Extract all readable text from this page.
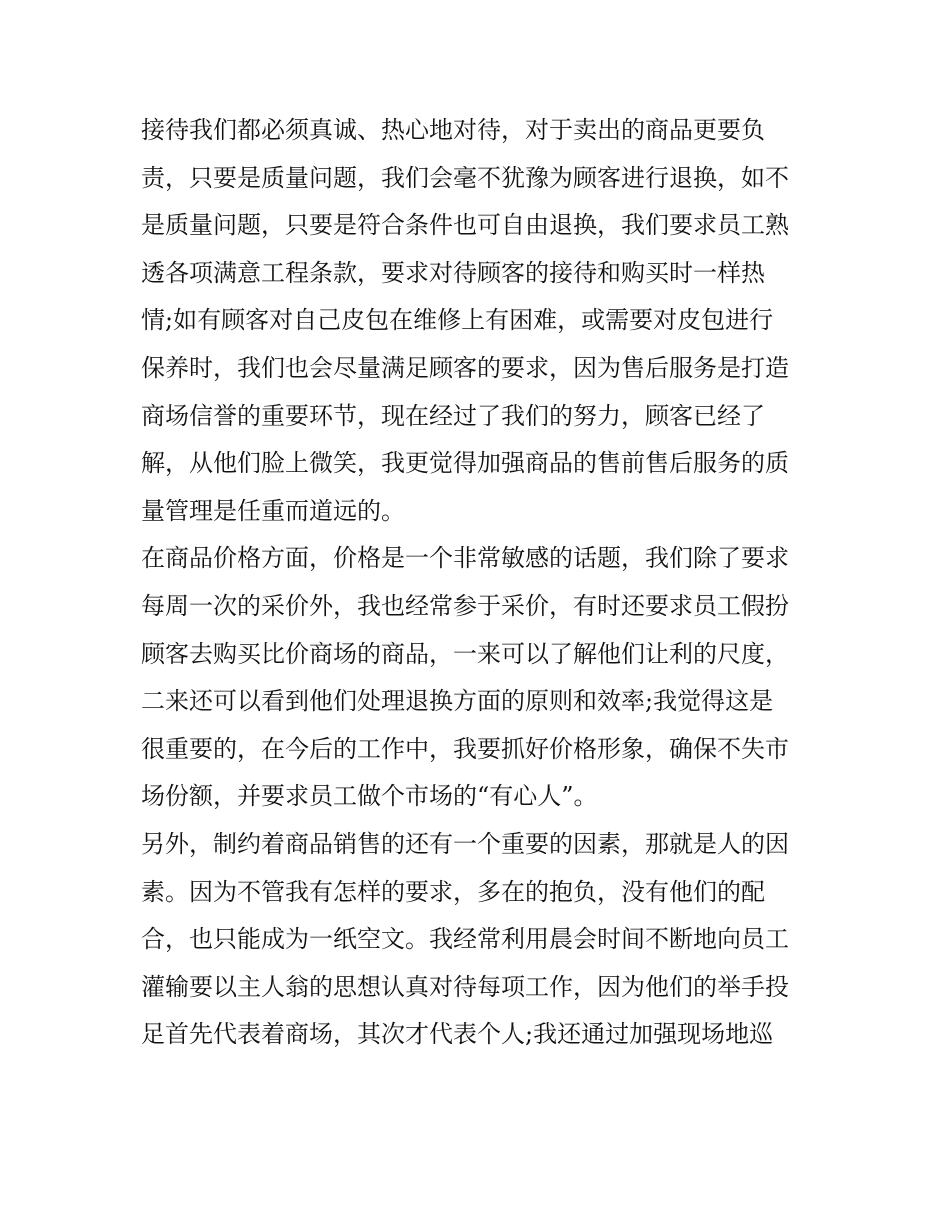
接待我们都必须真诚、热心地对待，对于卖出的商品更要负
责，只要是质量问题，我们会毫不犹豫为顾客进行退换，如不
是质量问题，只要是符合条件也可自由退换，我们要求员工熟
透各项满意工程条款，要求对待顾客的接待和购买时一样热
情;如有顾客对自己皮包在维修上有困难，或需要对皮包进行
保养时，我们也会尽量满足顾客的要求，因为售后服务是打造
商场信誉的重要环节，现在经过了我们的努力，顾客已经了
解，从他们脸上微笑，我更觉得加强商品的售前售后服务的质
量管理是任重而道远的。
在商品价格方面，价格是一个非常敏感的话题，我们除了要求
每周一次的采价外，我也经常参于采价，有时还要求员工假扮
顾客去购买比价商场的商品，一来可以了解他们让利的尺度，
二来还可以看到他们处理退换方面的原则和效率;我觉得这是
很重要的，在今后的工作中，我要抓好价格形象，确保不失市
场份额，并要求员工做个市场的“有心人”。
另外，制约着商品销售的还有一个重要的因素，那就是人的因
素。因为不管我有怎样的要求，多在的抱负，没有他们的配
合，也只能成为一纸空文。我经常利用晨会时间不断地向员工
灌输要以主人翁的思想认真对待每项工作，因为他们的举手投
足首先代表着商场，其次才代表个人;我还通过加强现场地巡
